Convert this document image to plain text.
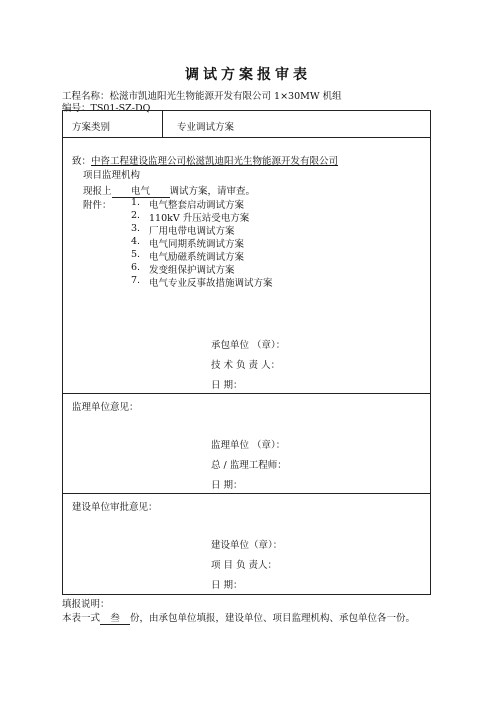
调试方案报审表
工程名称：松滋市凯迪阳光生物能源开发有限公司 1×30MW 机组
编号：TS01-SZ-DQ
方案类别	专业调试方案
致：中咨工程建设监理公司松滋凯迪阳光生物能源开发有限公司
项目监理机构
现报上 电气 调试方案，请审查。
附件： 1. 电气整套启动调试方案
2. 110kV 升压站受电方案
3. 厂用电带电调试方案
4. 电气同期系统调试方案
5. 电气励磁系统调试方案
6. 发变组保护调试方案
7. 电气专业反事故措施调试方案
承包单位 （章）：
技 术 负 责 人：
日 期：
监理单位意见：
监理单位 （章）：
总 / 监理工程师：
日 期：
建设单位审批意见：
建设单位（章）：
项 目 负 责人：
日 期：
填报说明：
本表一式 叁 份，由承包单位填报，建设单位、项目监理机构、承包单位各一份。
